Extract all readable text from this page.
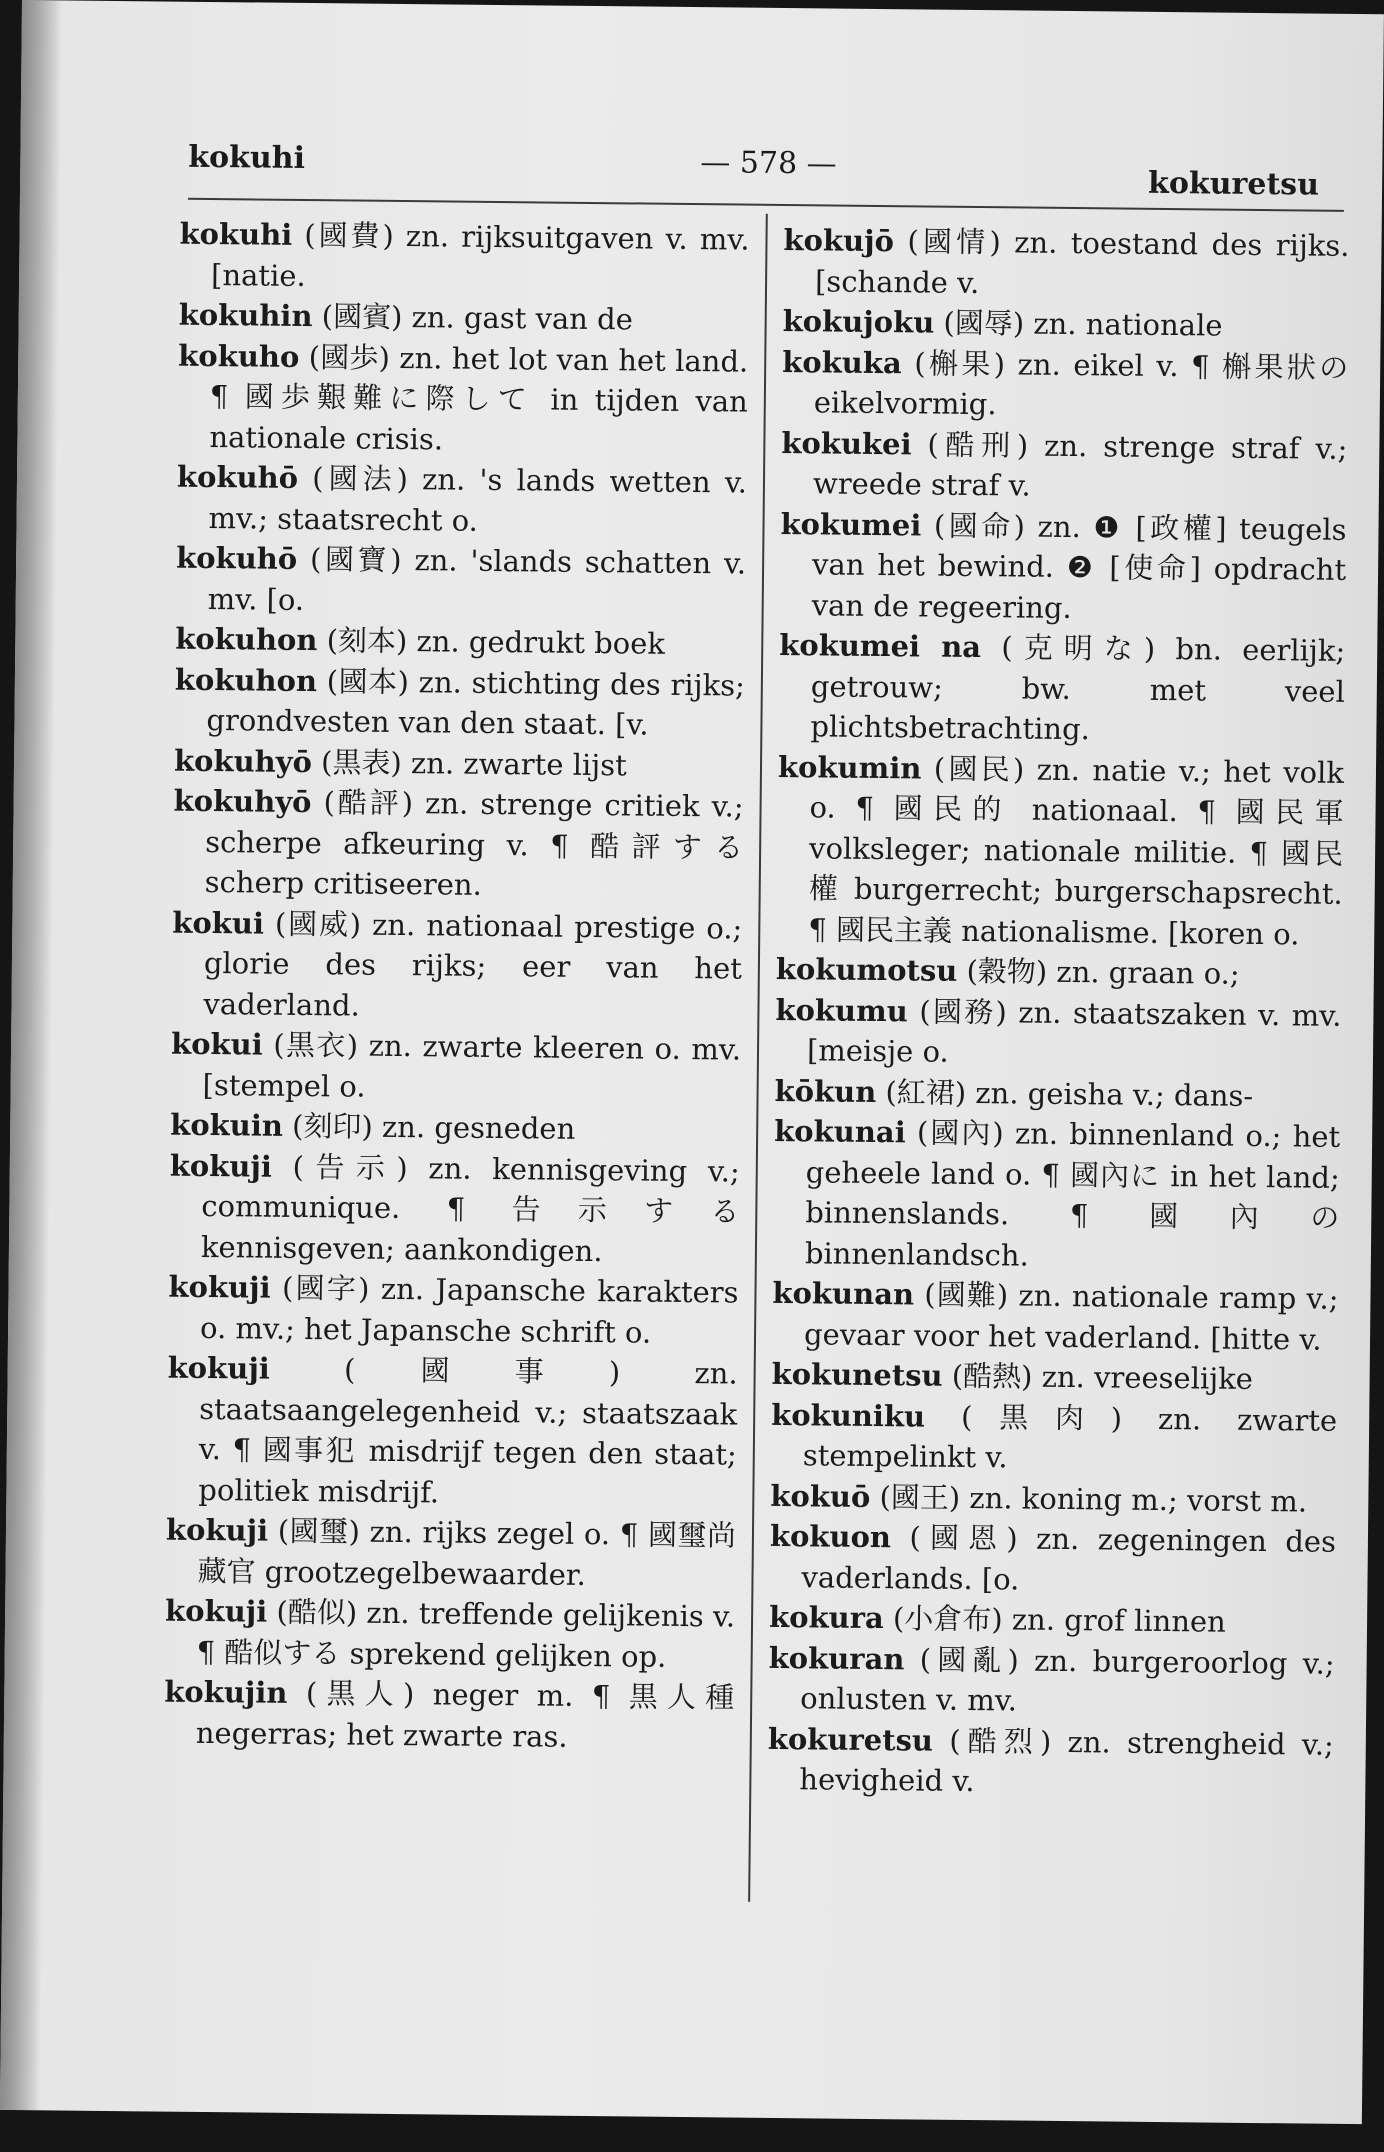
kokuhi	— 578 —
kokuretsu

kokuhi (國費) zn. rijksuitgaven v. mv. [natie.

kokuhin (國賓) zn. gast van de

kokuho (國歩) zn. het lot van het land. ¶ 國歩艱難に際して in tijden van nationale crisis.

kokuhō (國法) zn. 's lands wetten v. mv.; staatsrecht o.

kokuhō (國寶) zn. 'slands schatten v. mv. [o.

kokuhon (刻本) zn. gedrukt boek

kokuhon (國本) zn. stichting des rijks; grondvesten van den staat. [v.

kokuhyō (黒表) zn. zwarte lijst

kokuhyō (酷評) zn. strenge critiek v.; scherpe afkeuring v. ¶ 酷評する scherp critiseeren.

kokui (國威) zn. nationaal prestige o.; glorie des rijks; eer van het vaderland.

kokui (黒衣) zn. zwarte kleeren o. mv. [stempel o.

kokuin (刻印) zn. gesneden

kokuji (告示) zn. kennisgeving v.; communique. ¶ 告示する kennisgeven; aankondigen.

kokuji (國字) zn. Japansche karakters o. mv.; het Japansche schrift o.

kokuji (國事) zn. staatsaangelegenheid v.; staatszaak v. ¶ 國事犯 misdrijf tegen den staat; politiek misdrijf.

kokuji (國璽) zn. rijks zegel o. ¶ 國璽尚藏官 grootzegelbewaarder.

kokuji (酷似) zn. treffende gelijkenis v. ¶ 酷似する sprekend gelijken op.

kokujin (黒人) neger m. ¶ 黒人種 negerras; het zwarte ras.

kokujō (國情) zn. toestand des rijks. [schande v.

kokujoku (國辱) zn. nationale

kokuka (槲果) zn. eikel v. ¶ 槲果狀の eikelvormig.

kokukei (酷刑) zn. strenge straf v.; wreede straf v.

kokumei (國命) zn. ❶ [政權] teugels van het bewind. ❷ [使命] opdracht van de regeering.

kokumei na (克明な) bn. eerlijk; getrouw; bw. met veel plichtsbetrachting.

kokumin (國民) zn. natie v.; het volk o. ¶ 國民的 nationaal. ¶ 國民軍 volksleger; nationale militie. ¶ 國民權 burgerrecht; burgerschapsrecht. ¶ 國民主義 nationalisme. [koren o.

kokumotsu (穀物) zn. graan o.;

kokumu (國務) zn. staatszaken v. mv. [meisje o.

kōkun (紅裙) zn. geisha v.; dans-

kokunai (國內) zn. binnenland o.; het geheele land o. ¶ 國內に in het land; binnenslands. ¶ 國內の binnenlandsch.

kokunan (國難) zn. nationale ramp v.; gevaar voor het vaderland. [hitte v.

kokunetsu (酷熱) zn. vreeselijke

kokuniku (黒肉) zn. zwarte stempelinkt v.

kokuō (國王) zn. koning m.; vorst m.

kokuon (國恩) zn. zegeningen des vaderlands. [o.

kokura (小倉布) zn. grof linnen

kokuran (國亂) zn. burgeroorlog v.; onlusten v. mv.

kokuretsu (酷烈) zn. strengheid v.; hevigheid v.
